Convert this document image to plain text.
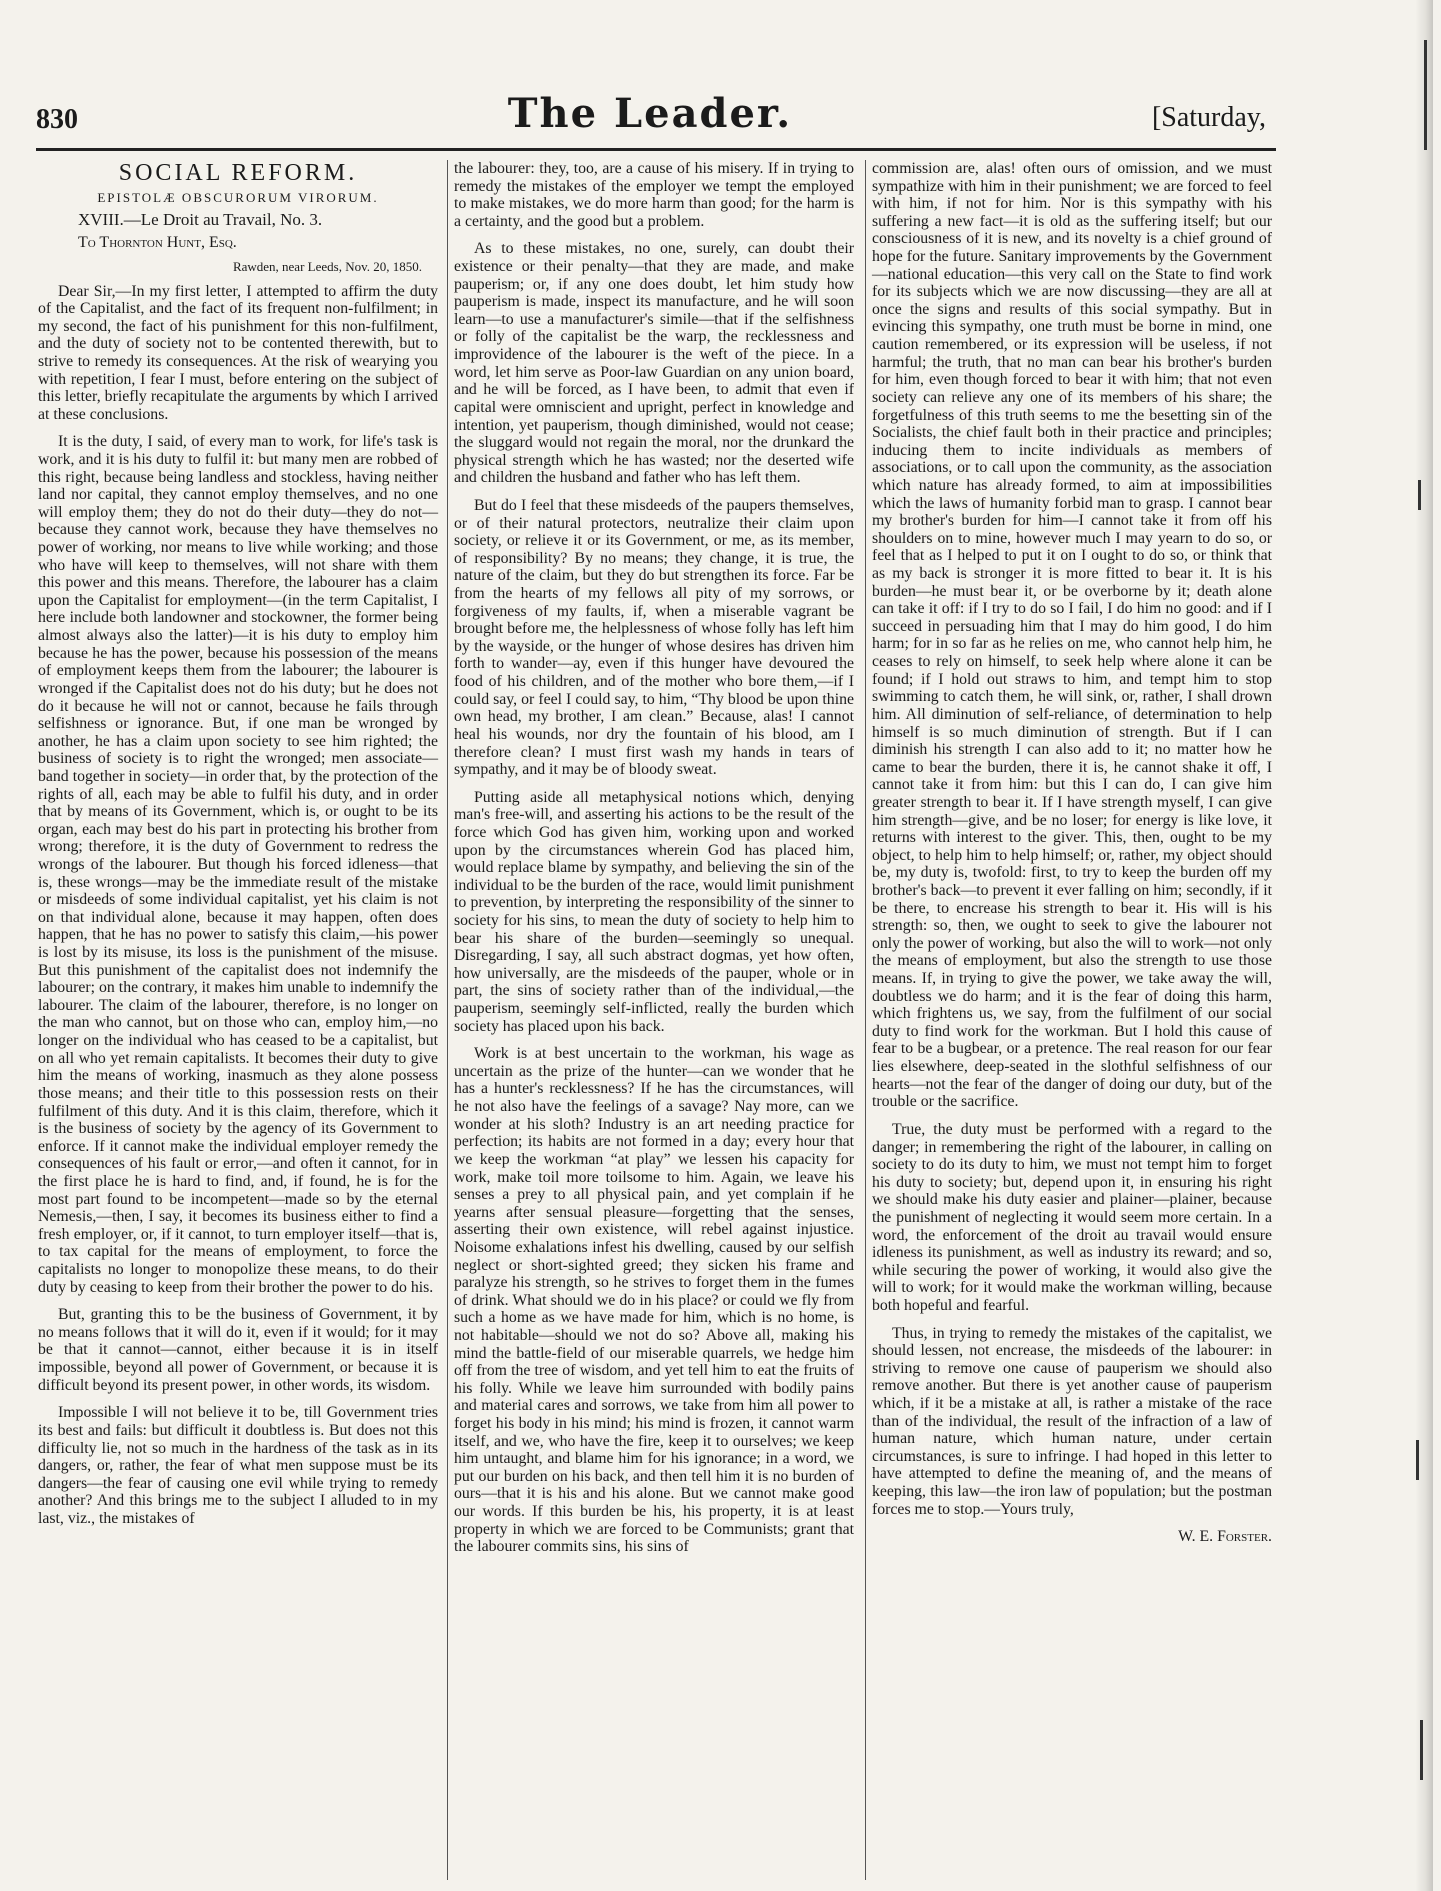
830	The Leader.	[Saturday,
SOCIAL REFORM.
EPISTOLÆ OBSCURORUM VIRORUM.
XVIII.—Le Droit au Travail, No. 3.
To Thornton Hunt, Esq.
Rawden, near Leeds, Nov. 20, 1850.

Dear Sir,—In my first letter, I attempted to affirm the duty of the Capitalist, and the fact of its frequent non-fulfilment; in my second, the fact of his punishment for this non-fulfilment, and the duty of society not to be contented therewith, but to strive to remedy its consequences. At the risk of wearying you with repetition, I fear I must, before entering on the subject of this letter, briefly recapitulate the arguments by which I arrived at these conclusions.

It is the duty, I said, of every man to work, for life's task is work, and it is his duty to fulfil it: but many men are robbed of this right, because being landless and stockless, having neither land nor capital, they cannot employ themselves, and no one will employ them; they do not do their duty—they do not—because they cannot work, because they have themselves no power of working, nor means to live while working; and those who have will keep to themselves, will not share with them this power and this means. Therefore, the labourer has a claim upon the Capitalist for employment—(in the term Capitalist, I here include both landowner and stockowner, the former being almost always also the latter)—it is his duty to employ him because he has the power, because his possession of the means of employment keeps them from the labourer; the labourer is wronged if the Capitalist does not do his duty; but he does not do it because he will not or cannot, because he fails through selfishness or ignorance. But, if one man be wronged by another, he has a claim upon society to see him righted; the business of society is to right the wronged; men associate—band together in society—in order that, by the protection of the rights of all, each may be able to fulfil his duty, and in order that by means of its Government, which is, or ought to be its organ, each may best do his part in protecting his brother from wrong; therefore, it is the duty of Government to redress the wrongs of the labourer. But though his forced idleness—that is, these wrongs—may be the immediate result of the mistake or misdeeds of some individual capitalist, yet his claim is not on that individual alone, because it may happen, often does happen, that he has no power to satisfy this claim,—his power is lost by its misuse, its loss is the punishment of the misuse. But this punishment of the capitalist does not indemnify the labourer; on the contrary, it makes him unable to indemnify the labourer. The claim of the labourer, therefore, is no longer on the man who cannot, but on those who can, employ him,—no longer on the individual who has ceased to be a capitalist, but on all who yet remain capitalists. It becomes their duty to give him the means of working, inasmuch as they alone possess those means; and their title to this possession rests on their fulfilment of this duty. And it is this claim, therefore, which it is the business of society by the agency of its Government to enforce. If it cannot make the individual employer remedy the consequences of his fault or error,—and often it cannot, for in the first place he is hard to find, and, if found, he is for the most part found to be incompetent—made so by the eternal Nemesis,—then, I say, it becomes its business either to find a fresh employer, or, if it cannot, to turn employer itself—that is, to tax capital for the means of employment, to force the capitalists no longer to monopolize these means, to do their duty by ceasing to keep from their brother the power to do his.

But, granting this to be the business of Government, it by no means follows that it will do it, even if it would; for it may be that it cannot—cannot, either because it is in itself impossible, beyond all power of Government, or because it is difficult beyond its present power, in other words, its wisdom.

Impossible I will not believe it to be, till Government tries its best and fails: but difficult it doubtless is. But does not this difficulty lie, not so much in the hardness of the task as in its dangers, or, rather, the fear of what men suppose must be its dangers—the fear of causing one evil while trying to remedy another? And this brings me to the subject I alluded to in my last, viz., the mistakes of

the labourer: they, too, are a cause of his misery. If in trying to remedy the mistakes of the employer we tempt the employed to make mistakes, we do more harm than good; for the harm is a certainty, and the good but a problem.

As to these mistakes, no one, surely, can doubt their existence or their penalty—that they are made, and make pauperism; or, if any one does doubt, let him study how pauperism is made, inspect its manufacture, and he will soon learn—to use a manufacturer's simile—that if the selfishness or folly of the capitalist be the warp, the recklessness and improvidence of the labourer is the weft of the piece. In a word, let him serve as Poor-law Guardian on any union board, and he will be forced, as I have been, to admit that even if capital were omniscient and upright, perfect in knowledge and intention, yet pauperism, though diminished, would not cease; the sluggard would not regain the moral, nor the drunkard the physical strength which he has wasted; nor the deserted wife and children the husband and father who has left them.

But do I feel that these misdeeds of the paupers themselves, or of their natural protectors, neutralize their claim upon society, or relieve it or its Government, or me, as its member, of responsibility? By no means; they change, it is true, the nature of the claim, but they do but strengthen its force. Far be from the hearts of my fellows all pity of my sorrows, or forgiveness of my faults, if, when a miserable vagrant be brought before me, the helplessness of whose folly has left him by the wayside, or the hunger of whose desires has driven him forth to wander—ay, even if this hunger have devoured the food of his children, and of the mother who bore them,—if I could say, or feel I could say, to him, “Thy blood be upon thine own head, my brother, I am clean.” Because, alas! I cannot heal his wounds, nor dry the fountain of his blood, am I therefore clean? I must first wash my hands in tears of sympathy, and it may be of bloody sweat.

Putting aside all metaphysical notions which, denying man's free-will, and asserting his actions to be the result of the force which God has given him, working upon and worked upon by the circumstances wherein God has placed him, would replace blame by sympathy, and believing the sin of the individual to be the burden of the race, would limit punishment to prevention, by interpreting the responsibility of the sinner to society for his sins, to mean the duty of society to help him to bear his share of the burden—seemingly so unequal. Disregarding, I say, all such abstract dogmas, yet how often, how universally, are the misdeeds of the pauper, whole or in part, the sins of society rather than of the individual,—the pauperism, seemingly self-inflicted, really the burden which society has placed upon his back.

Work is at best uncertain to the workman, his wage as uncertain as the prize of the hunter—can we wonder that he has a hunter's recklessness? If he has the circumstances, will he not also have the feelings of a savage? Nay more, can we wonder at his sloth? Industry is an art needing practice for perfection; its habits are not formed in a day; every hour that we keep the workman “at play” we lessen his capacity for work, make toil more toilsome to him. Again, we leave his senses a prey to all physical pain, and yet complain if he yearns after sensual pleasure—forgetting that the senses, asserting their own existence, will rebel against injustice. Noisome exhalations infest his dwelling, caused by our selfish neglect or short-sighted greed; they sicken his frame and paralyze his strength, so he strives to forget them in the fumes of drink. What should we do in his place? or could we fly from such a home as we have made for him, which is no home, is not habitable—should we not do so? Above all, making his mind the battle-field of our miserable quarrels, we hedge him off from the tree of wisdom, and yet tell him to eat the fruits of his folly. While we leave him surrounded with bodily pains and material cares and sorrows, we take from him all power to forget his body in his mind; his mind is frozen, it cannot warm itself, and we, who have the fire, keep it to ourselves; we keep him untaught, and blame him for his ignorance; in a word, we put our burden on his back, and then tell him it is no burden of ours—that it is his and his alone. But we cannot make good our words. If this burden be his, his property, it is at least property in which we are forced to be Communists; grant that the labourer commits sins, his sins of

commission are, alas! often ours of omission, and we must sympathize with him in their punishment; we are forced to feel with him, if not for him. Nor is this sympathy with his suffering a new fact—it is old as the suffering itself; but our consciousness of it is new, and its novelty is a chief ground of hope for the future. Sanitary improvements by the Government—national education—this very call on the State to find work for its subjects which we are now discussing—they are all at once the signs and results of this social sympathy. But in evincing this sympathy, one truth must be borne in mind, one caution remembered, or its expression will be useless, if not harmful; the truth, that no man can bear his brother's burden for him, even though forced to bear it with him; that not even society can relieve any one of its members of his share; the forgetfulness of this truth seems to me the besetting sin of the Socialists, the chief fault both in their practice and principles; inducing them to incite individuals as members of associations, or to call upon the community, as the association which nature has already formed, to aim at impossibilities which the laws of humanity forbid man to grasp. I cannot bear my brother's burden for him—I cannot take it from off his shoulders on to mine, however much I may yearn to do so, or feel that as I helped to put it on I ought to do so, or think that as my back is stronger it is more fitted to bear it. It is his burden—he must bear it, or be overborne by it; death alone can take it off: if I try to do so I fail, I do him no good: and if I succeed in persuading him that I may do him good, I do him harm; for in so far as he relies on me, who cannot help him, he ceases to rely on himself, to seek help where alone it can be found; if I hold out straws to him, and tempt him to stop swimming to catch them, he will sink, or, rather, I shall drown him. All diminution of self-reliance, of determination to help himself is so much diminution of strength. But if I can diminish his strength I can also add to it; no matter how he came to bear the burden, there it is, he cannot shake it off, I cannot take it from him: but this I can do, I can give him greater strength to bear it. If I have strength myself, I can give him strength—give, and be no loser; for energy is like love, it returns with interest to the giver. This, then, ought to be my object, to help him to help himself; or, rather, my object should be, my duty is, twofold: first, to try to keep the burden off my brother's back—to prevent it ever falling on him; secondly, if it be there, to encrease his strength to bear it. His will is his strength: so, then, we ought to seek to give the labourer not only the power of working, but also the will to work—not only the means of employment, but also the strength to use those means. If, in trying to give the power, we take away the will, doubtless we do harm; and it is the fear of doing this harm, which frightens us, we say, from the fulfilment of our social duty to find work for the workman. But I hold this cause of fear to be a bugbear, or a pretence. The real reason for our fear lies elsewhere, deep-seated in the slothful selfishness of our hearts—not the fear of the danger of doing our duty, but of the trouble or the sacrifice.

True, the duty must be performed with a regard to the danger; in remembering the right of the labourer, in calling on society to do its duty to him, we must not tempt him to forget his duty to society; but, depend upon it, in ensuring his right we should make his duty easier and plainer—plainer, because the punishment of neglecting it would seem more certain. In a word, the enforcement of the droit au travail would ensure idleness its punishment, as well as industry its reward; and so, while securing the power of working, it would also give the will to work; for it would make the workman willing, because both hopeful and fearful.

Thus, in trying to remedy the mistakes of the capitalist, we should lessen, not encrease, the misdeeds of the labourer: in striving to remove one cause of pauperism we should also remove another. But there is yet another cause of pauperism which, if it be a mistake at all, is rather a mistake of the race than of the individual, the result of the infraction of a law of human nature, which human nature, under certain circumstances, is sure to infringe. I had hoped in this letter to have attempted to define the meaning of, and the means of keeping, this law—the iron law of population; but the postman forces me to stop.—Yours truly,

W. E. Forster.
